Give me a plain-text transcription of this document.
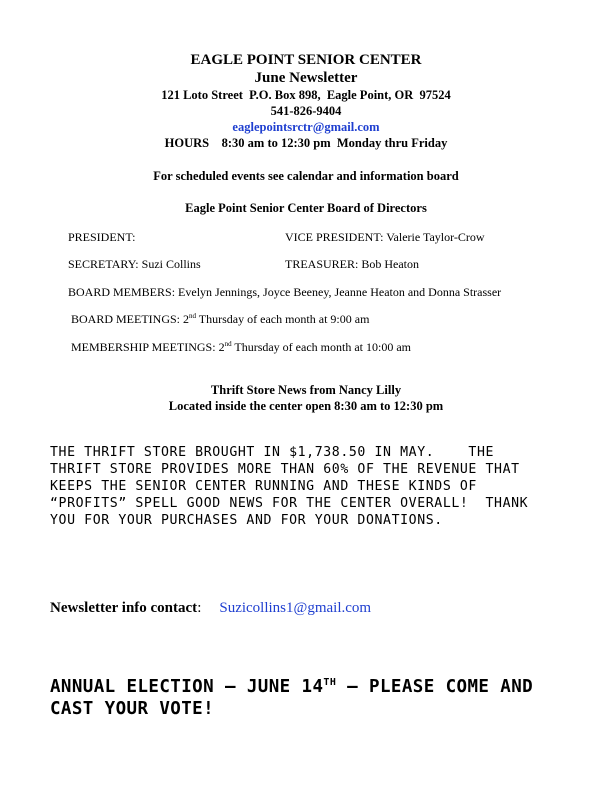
EAGLE POINT SENIOR CENTER
June Newsletter
121 Loto Street  P.O. Box 898,  Eagle Point, OR  97524
541-826-9404
eaglepointsrctr@gmail.com
HOURS    8:30 am to 12:30 pm  Monday thru Friday
For scheduled events see calendar and information board
Eagle Point Senior Center Board of Directors
PRESIDENT:	VICE PRESIDENT: Valerie Taylor-Crow
SECRETARY: Suzi Collins	TREASURER: Bob Heaton
BOARD MEMBERS: Evelyn Jennings, Joyce Beeney, Jeanne Heaton and Donna Strasser
BOARD MEETINGS: 2nd Thursday of each month at 9:00 am
MEMBERSHIP MEETINGS: 2nd Thursday of each month at 10:00 am
Thrift Store News from Nancy Lilly
Located inside the center open 8:30 am to 12:30 pm
THE THRIFT STORE BROUGHT IN $1,738.50 IN MAY.    THE
THRIFT STORE PROVIDES MORE THAN 60% OF THE REVENUE THAT
KEEPS THE SENIOR CENTER RUNNING AND THESE KINDS OF
“PROFITS” SPELL GOOD NEWS FOR THE CENTER OVERALL!  THANK
YOU FOR YOUR PURCHASES AND FOR YOUR DONATIONS.
Newsletter info contact: Suzicollins1@gmail.com
ANNUAL ELECTION – JUNE 14TH – PLEASE COME AND
CAST YOUR VOTE!
